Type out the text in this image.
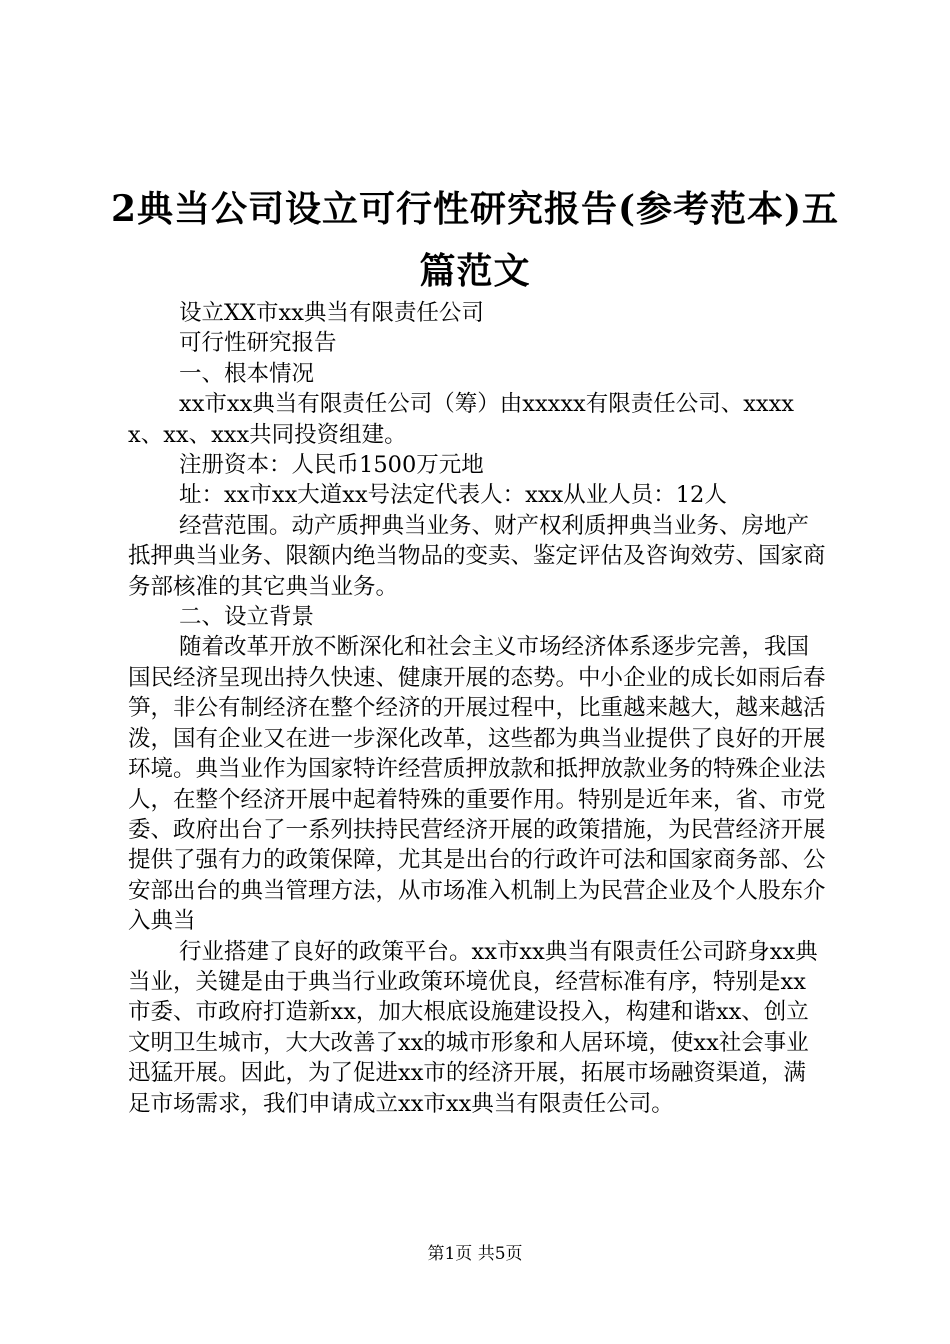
2典当公司设立可行性研究报告(参考范本)五
篇范文

设立XX市xx典当有限责任公司

可行性研究报告

一、根本情况

xx市xx典当有限责任公司（筹）由xxxxx有限责任公司、xxxxx、xx、xxx共同投资组建。

注册资本：人民币1500万元地

址：xx市xx大道xx号法定代表人：xxx从业人员：12人

经营范围。动产质押典当业务、财产权利质押典当业务、房地产抵押典当业务、限额内绝当物品的变卖、鉴定评估及咨询效劳、国家商务部核准的其它典当业务。

二、设立背景

随着改革开放不断深化和社会主义市场经济体系逐步完善，我国国民经济呈现出持久快速、健康开展的态势。中小企业的成长如雨后春笋，非公有制经济在整个经济的开展过程中，比重越来越大，越来越活泼，国有企业又在进一步深化改革，这些都为典当业提供了良好的开展环境。典当业作为国家特许经营质押放款和抵押放款业务的特殊企业法人，在整个经济开展中起着特殊的重要作用。特别是近年来，省、市党委、政府出台了一系列扶持民营经济开展的政策措施，为民营经济开展提供了强有力的政策保障，尤其是出台的行政许可法和国家商务部、公安部出台的典当管理方法，从市场准入机制上为民营企业及个人股东介入典当

行业搭建了良好的政策平台。xx市xx典当有限责任公司跻身xx典当业，关键是由于典当行业政策环境优良，经营标准有序，特别是xx市委、市政府打造新xx，加大根底设施建设投入，构建和谐xx、创立文明卫生城市，大大改善了xx的城市形象和人居环境，使xx社会事业迅猛开展。因此，为了促进xx市的经济开展，拓展市场融资渠道，满足市场需求，我们申请成立xx市xx典当有限责任公司。

第1页 共5页
